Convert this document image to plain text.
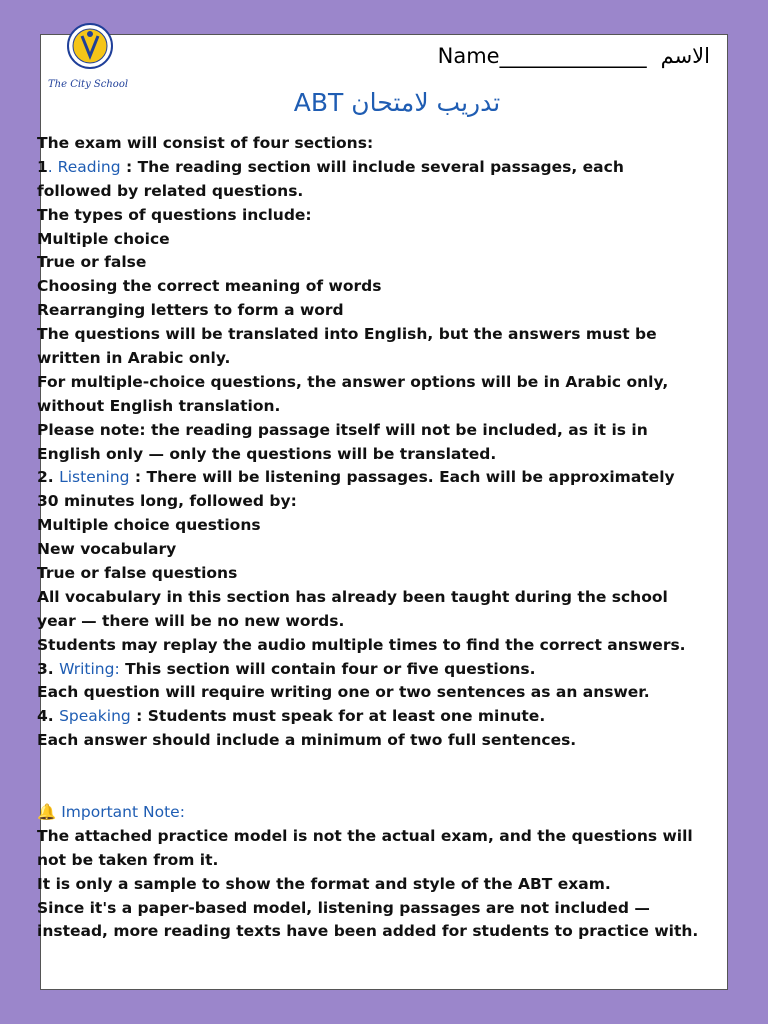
The City School
Name______________ الاسم
تدريب لامتحان ABT
The exam will consist of four sections:
1. Reading : The reading section will include several passages, each
followed by related questions.
The types of questions include:
Multiple choice
True or false
Choosing the correct meaning of words
Rearranging letters to form a word
The questions will be translated into English, but the answers must be
written in Arabic only.
For multiple-choice questions, the answer options will be in Arabic only,
without English translation.
Please note: the reading passage itself will not be included, as it is in
English only — only the questions will be translated.
2. Listening : There will be listening passages. Each will be approximately
30 minutes long, followed by:
Multiple choice questions
New vocabulary
True or false questions
All vocabulary in this section has already been taught during the school
year — there will be no new words.
Students may replay the audio multiple times to find the correct answers.
3. Writing: This section will contain four or five questions.
Each question will require writing one or two sentences as an answer.
4. Speaking : Students must speak for at least one minute.
Each answer should include a minimum of two full sentences.
🔔 Important Note:
The attached practice model is not the actual exam, and the questions will
not be taken from it.
It is only a sample to show the format and style of the ABT exam.
Since it's a paper-based model, listening passages are not included —
instead, more reading texts have been added for students to practice with.
